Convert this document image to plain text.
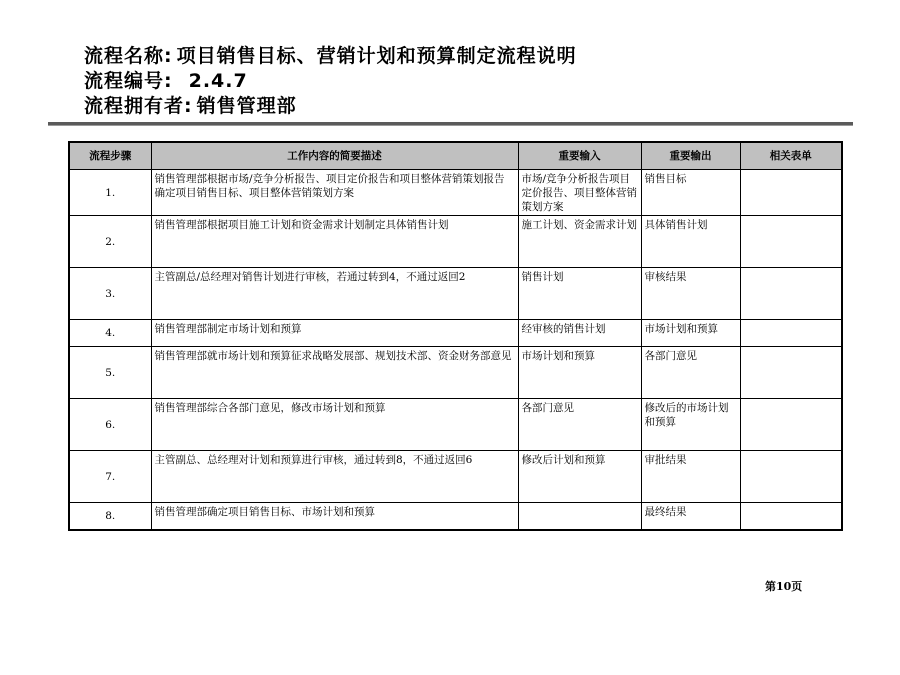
流程名称: 项目销售目标、营销计划和预算制定流程说明
流程编号: 2.4.7
流程拥有者: 销售管理部
流程步骤	工作内容的简要描述	重要输入	重要输出	相关表单
1.	销售管理部根据市场/竞争分析报告、项目定价报告和项目整体营销策划报告确定项目销售目标、项目整体营销策划方案	市场/竞争分析报告项目定价报告、项目整体营销策划方案	销售目标	
2.	销售管理部根据项目施工计划和资金需求计划制定具体销售计划	施工计划、资金需求计划	具体销售计划	
3.	主管副总/总经理对销售计划进行审核，若通过转到4，不通过返回2	销售计划	审核结果	
4.	销售管理部制定市场计划和预算	经审核的销售计划	市场计划和预算	
5.	销售管理部就市场计划和预算征求战略发展部、规划技术部、资金财务部意见	市场计划和预算	各部门意见	
6.	销售管理部综合各部门意见，修改市场计划和预算	各部门意见	修改后的市场计划和预算	
7.	主管副总、总经理对计划和预算进行审核，通过转到8，不通过返回6	修改后计划和预算	审批结果	
8.	销售管理部确定项目销售目标、市场计划和预算		最终结果	
第10页
